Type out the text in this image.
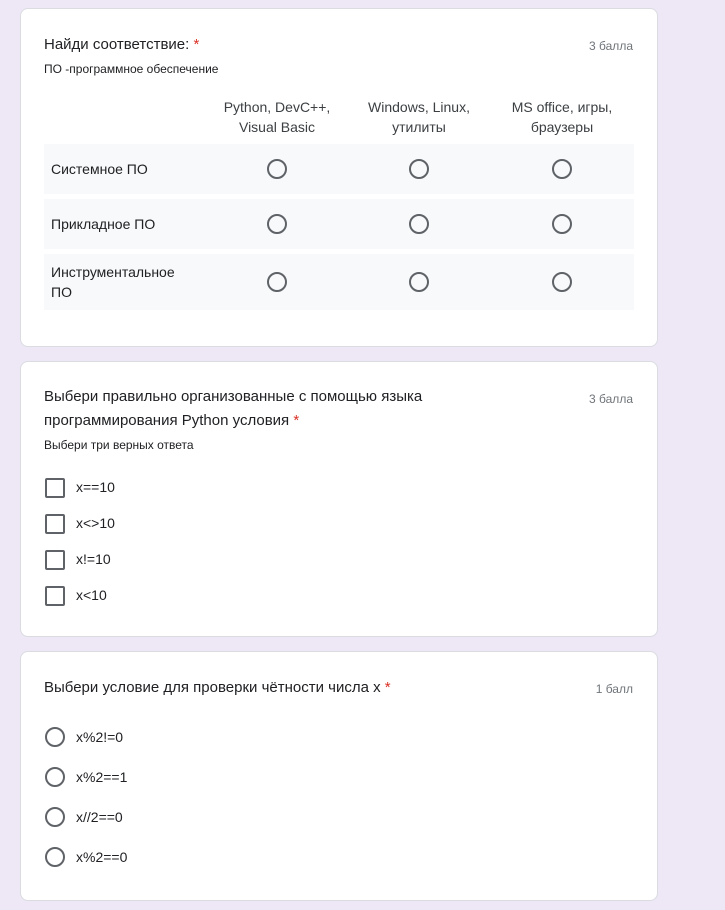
Найди соответствие: *	3 балла
ПО -программное обеспечение
Python, DevC++,
Visual Basic
Windows, Linux,
утилиты
MS office, игры,
браузеры
Системное ПО
Прикладное ПО
Инструментальное
ПО
Выбери правильно организованные с помощью языка
программирования Python условия *
3 балла
Выбери три верных ответа
x==10
x<>10
x!=10
x<10
Выбери условие для проверки чётности числа x *	1 балл
x%2!=0
x%2==1
x//2==0
x%2==0
